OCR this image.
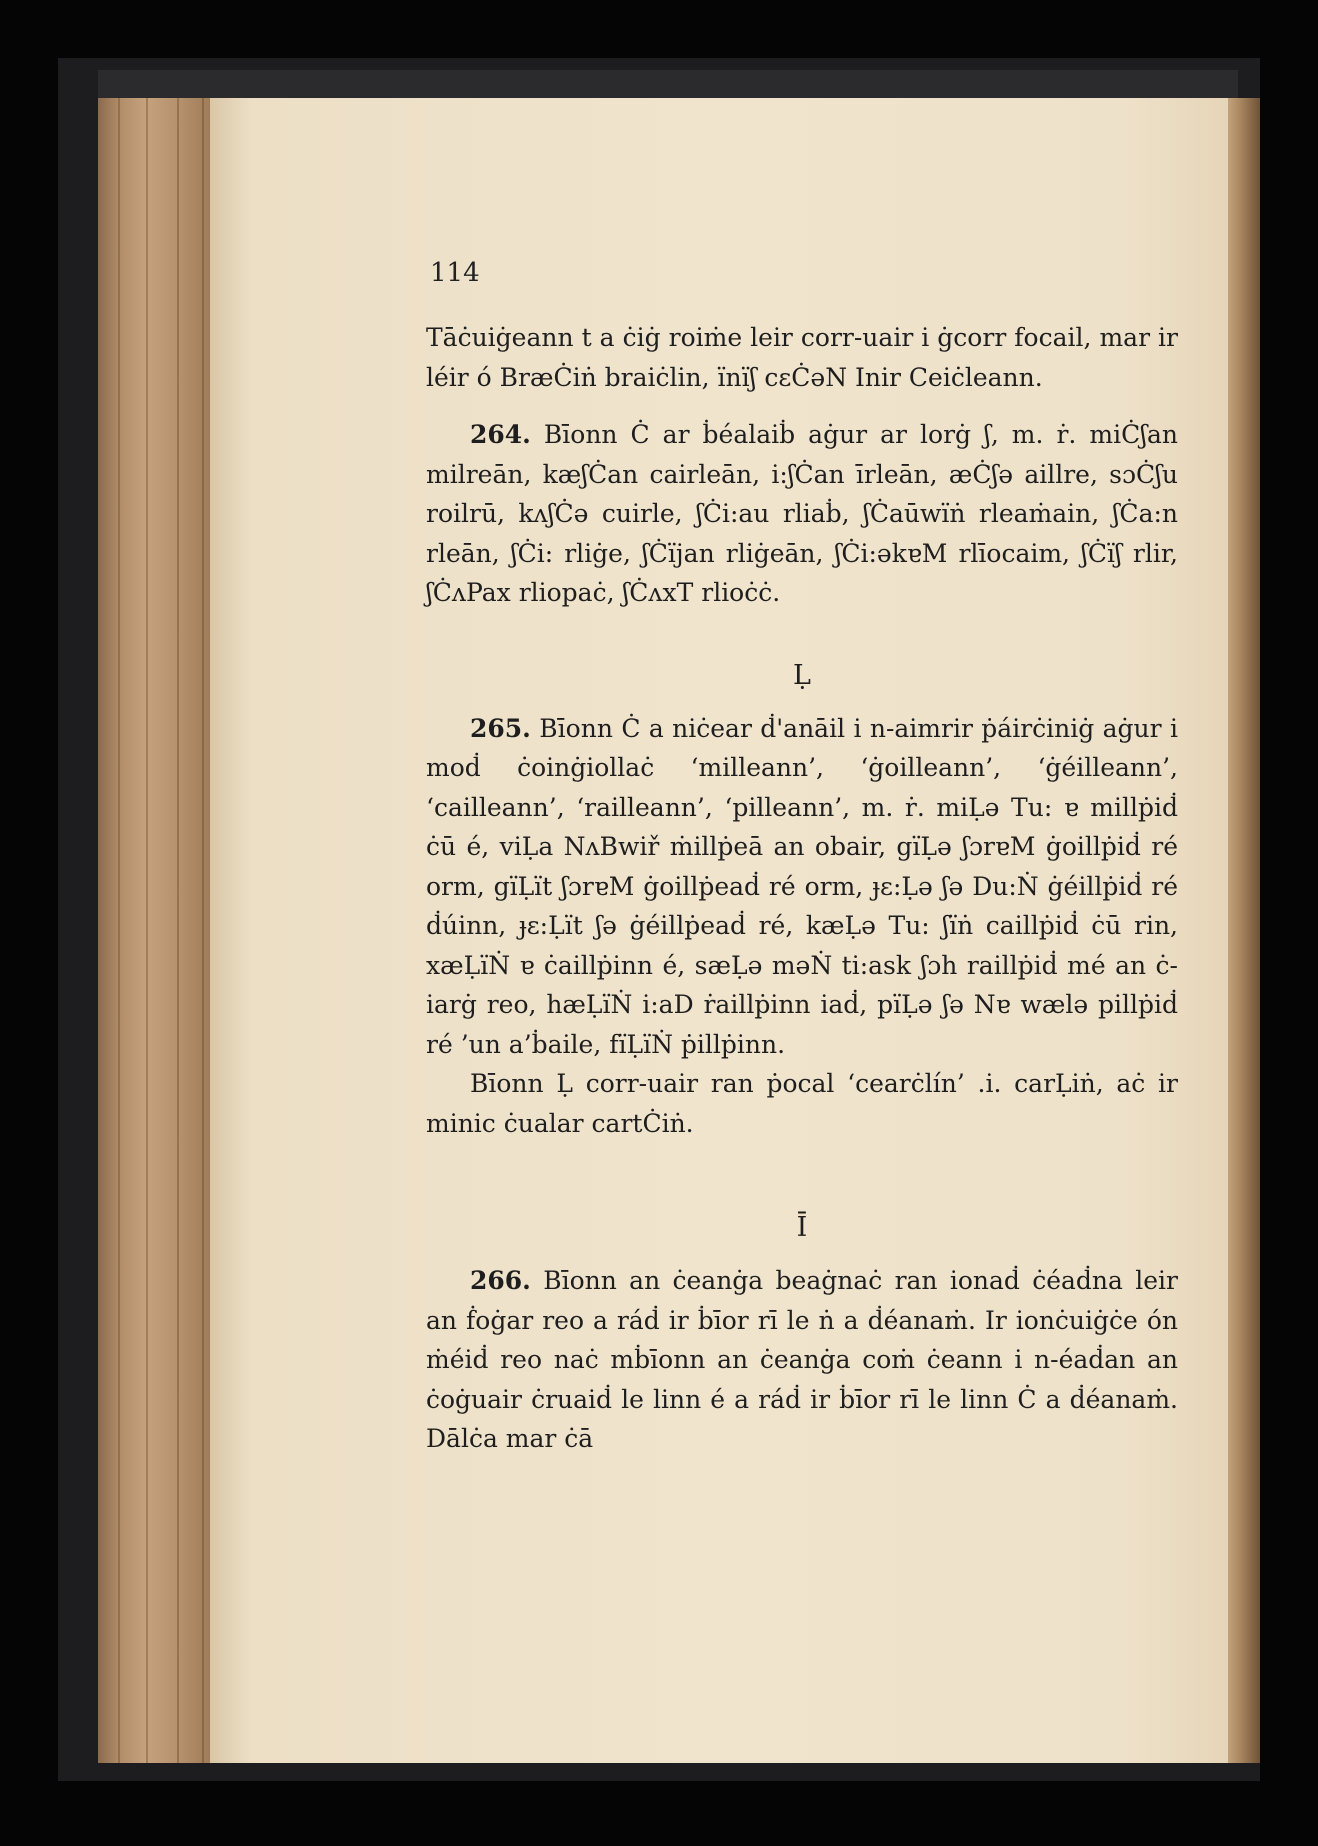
114

Tāċuiġeann t a ċiġ roiṁe leir corr-uair i ġcorr focail, mar ir léir ó BræĊiṅ braiċlin, ïnïʃ cεĊəN Inir Ceiċleann.

264. Bīonn Ċ ar ḃéalaiḃ aġur ar lorġ ʃ, m. ṙ. miĊʃan milreān, kæʃĊan cairleān, i:ʃĊan īrleān, æĊʃə aillre, sɔĊʃu roilrū, kʌʃĊə cuirle, ʃĊi:au rliaḃ, ʃĊaūwïṅ rleaṁain, ʃĊa:n rleān, ʃĊi: rliġe, ʃĊïjan rliġeān, ʃĊi:əkɐM rlīocaim, ʃĊïʃ rlir, ʃĊʌPax rliopaċ, ʃĊʌxT rlioċċ.

Ḷ

265. Bīonn Ċ a niċear ḋ'anāil i n-aimrir ṗáirċiniġ aġur i moḋ ċoinġiollaċ ‘milleann’, ‘ġoilleann’, ‘ġéilleann’, ‘cailleann’, ‘railleann’, ‘pilleann’, m. ṙ. miḶə Tu: ɐ millṗiḋ ċū é, viḶa NʌBwiř ṁillṗeā an obair, gïḶə ʃɔrɐM ġoillṗiḋ ré orm, gïḶït ʃɔrɐM ġoillṗeaḋ ré orm, ɟε:Ḷə ʃə Du:Ṅ ġéillṗiḋ ré ḋúinn, ɟε:Ḷït ʃə ġéillṗeaḋ ré, kæḶə Tu: ʃïṅ caillṗiḋ ċū rin, xæḶïṄ ɐ ċaillṗinn é, sæḶə məṄ ti:ask ʃɔh raillṗiḋ mé an ċ-iarġ reo, hæḶïṄ i:aD ṙaillṗinn iaḋ, pïḶə ʃə Nɐ wælə pillṗiḋ ré ’un a’ḃaile, fïḶïṄ ṗillṗinn.

Bīonn Ḷ corr-uair ran ṗocal ‘cearċlín’ .i. carḶiṅ, aċ ir minic ċualar cartĊiṅ.

Ī

266. Bīonn an ċeanġa beaġnaċ ran ionaḋ ċéaḋna leir an ḟoġar reo a ráḋ ir ḃīor rī le ṅ a ḋéanaṁ. Ir ionċuiġċe ón ṁéiḋ reo naċ mḃīonn an ċeanġa coṁ ċeann i n-éaḋan an ċoġuair ċruaiḋ le linn é a ráḋ ir ḃīor rī le linn Ċ a ḋéanaṁ. Dālċa mar ċā
